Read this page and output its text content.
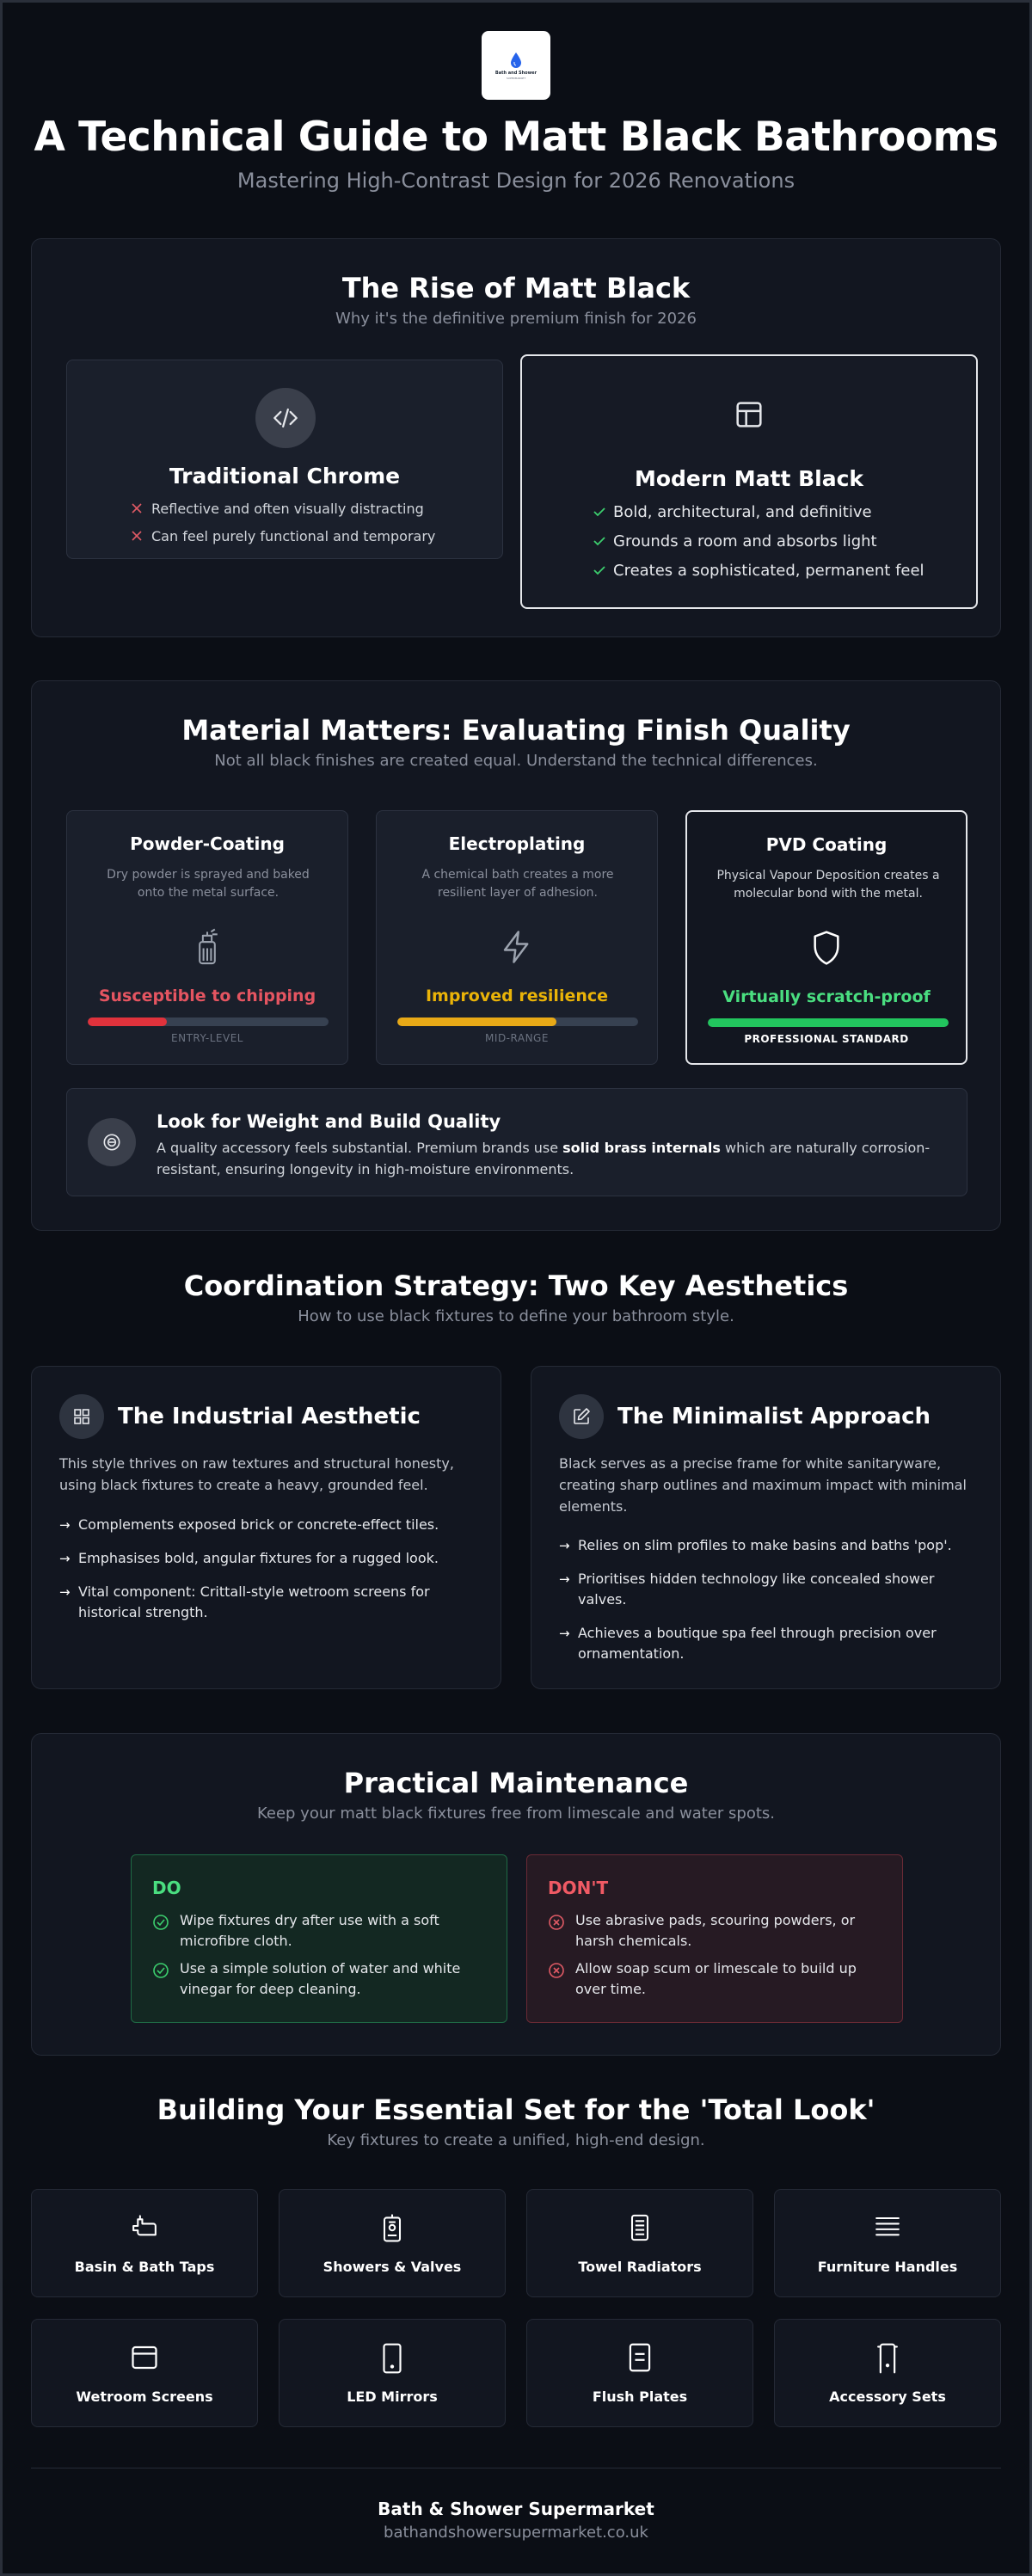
Bath and Shower
SUPERMARKET
A Technical Guide to Matt Black Bathrooms
Mastering High-Contrast Design for 2026 Renovations
The Rise of Matt Black
Why it's the definitive premium finish for 2026
Traditional Chrome
Reflective and often visually distracting
Can feel purely functional and temporary
Modern Matt Black
Bold, architectural, and definitive
Grounds a room and absorbs light
Creates a sophisticated, permanent feel
Material Matters: Evaluating Finish Quality
Not all black finishes are created equal. Understand the technical differences.
Powder-Coating
Dry powder is sprayed and baked onto the metal surface.
Susceptible to chipping
ENTRY-LEVEL
Electroplating
A chemical bath creates a more resilient layer of adhesion.
Improved resilience
MID-RANGE
PVD Coating
Physical Vapour Deposition creates a molecular bond with the metal.
Virtually scratch-proof
PROFESSIONAL STANDARD
Look for Weight and Build Quality
A quality accessory feels substantial. Premium brands use solid brass internals which are naturally corrosion-resistant, ensuring longevity in high-moisture environments.
Coordination Strategy: Two Key Aesthetics
How to use black fixtures to define your bathroom style.
The Industrial Aesthetic
This style thrives on raw textures and structural honesty, using black fixtures to create a heavy, grounded feel.
→ Complements exposed brick or concrete-effect tiles.
→ Emphasises bold, angular fixtures for a rugged look.
→ Vital component: Crittall-style wetroom screens for historical strength.
The Minimalist Approach
Black serves as a precise frame for white sanitaryware, creating sharp outlines and maximum impact with minimal elements.
→ Relies on slim profiles to make basins and baths 'pop'.
→ Prioritises hidden technology like concealed shower valves.
→ Achieves a boutique spa feel through precision over ornamentation.
Practical Maintenance
Keep your matt black fixtures free from limescale and water spots.
DO
Wipe fixtures dry after use with a soft microfibre cloth.
Use a simple solution of water and white vinegar for deep cleaning.
DON'T
Use abrasive pads, scouring powders, or harsh chemicals.
Allow soap scum or limescale to build up over time.
Building Your Essential Set for the 'Total Look'
Key fixtures to create a unified, high-end design.
Basin & Bath Taps	Showers & Valves	Towel Radiators	Furniture Handles
Wetroom Screens	LED Mirrors	Flush Plates	Accessory Sets
Bath & Shower Supermarket
bathandshowersupermarket.co.uk
